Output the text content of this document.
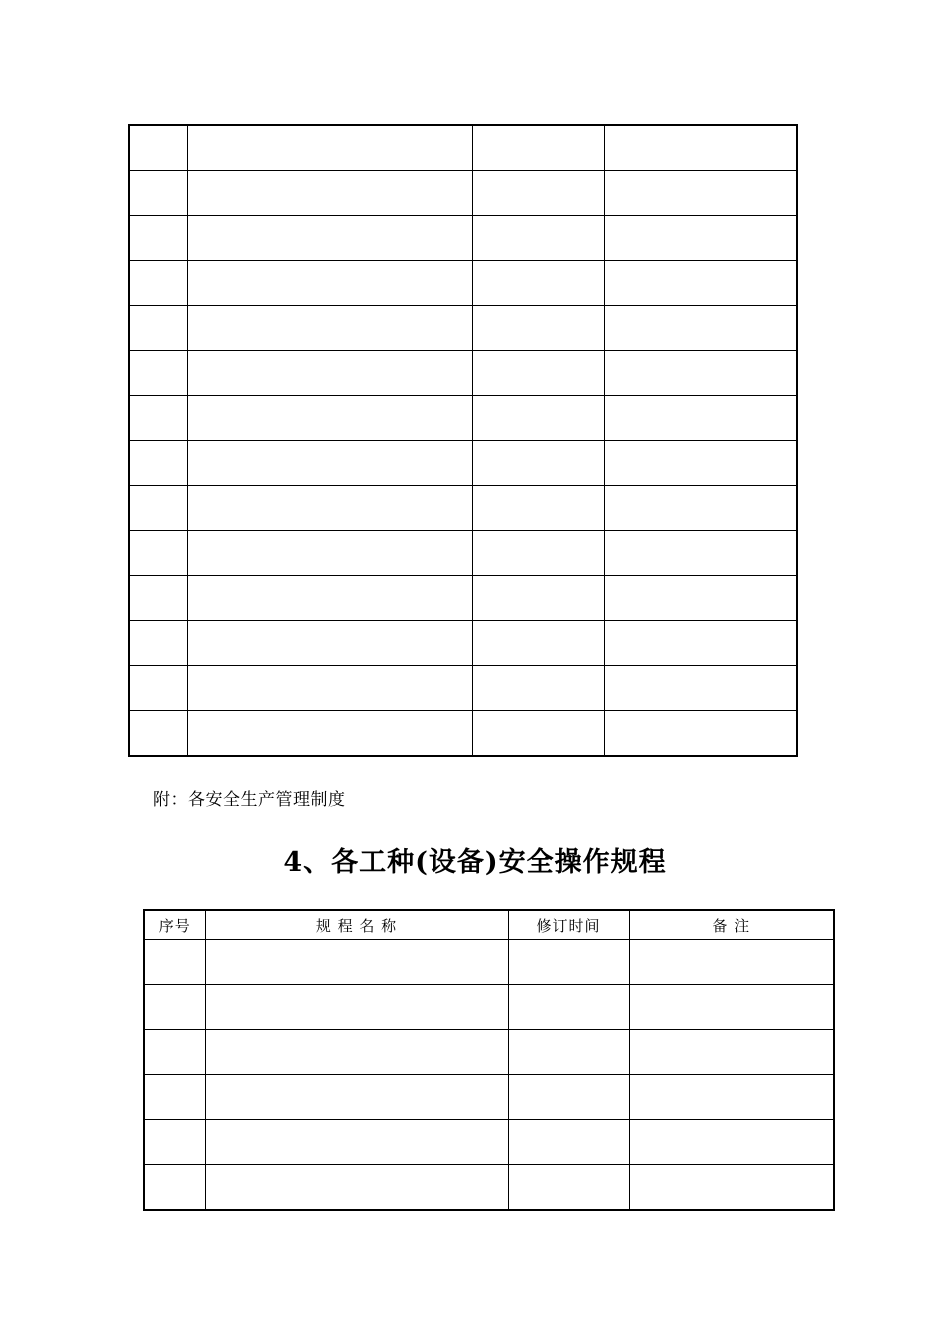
附：各安全生产管理制度
4、各工种(设备)安全操作规程
序号	规 程 名 称	修订时间	备 注
